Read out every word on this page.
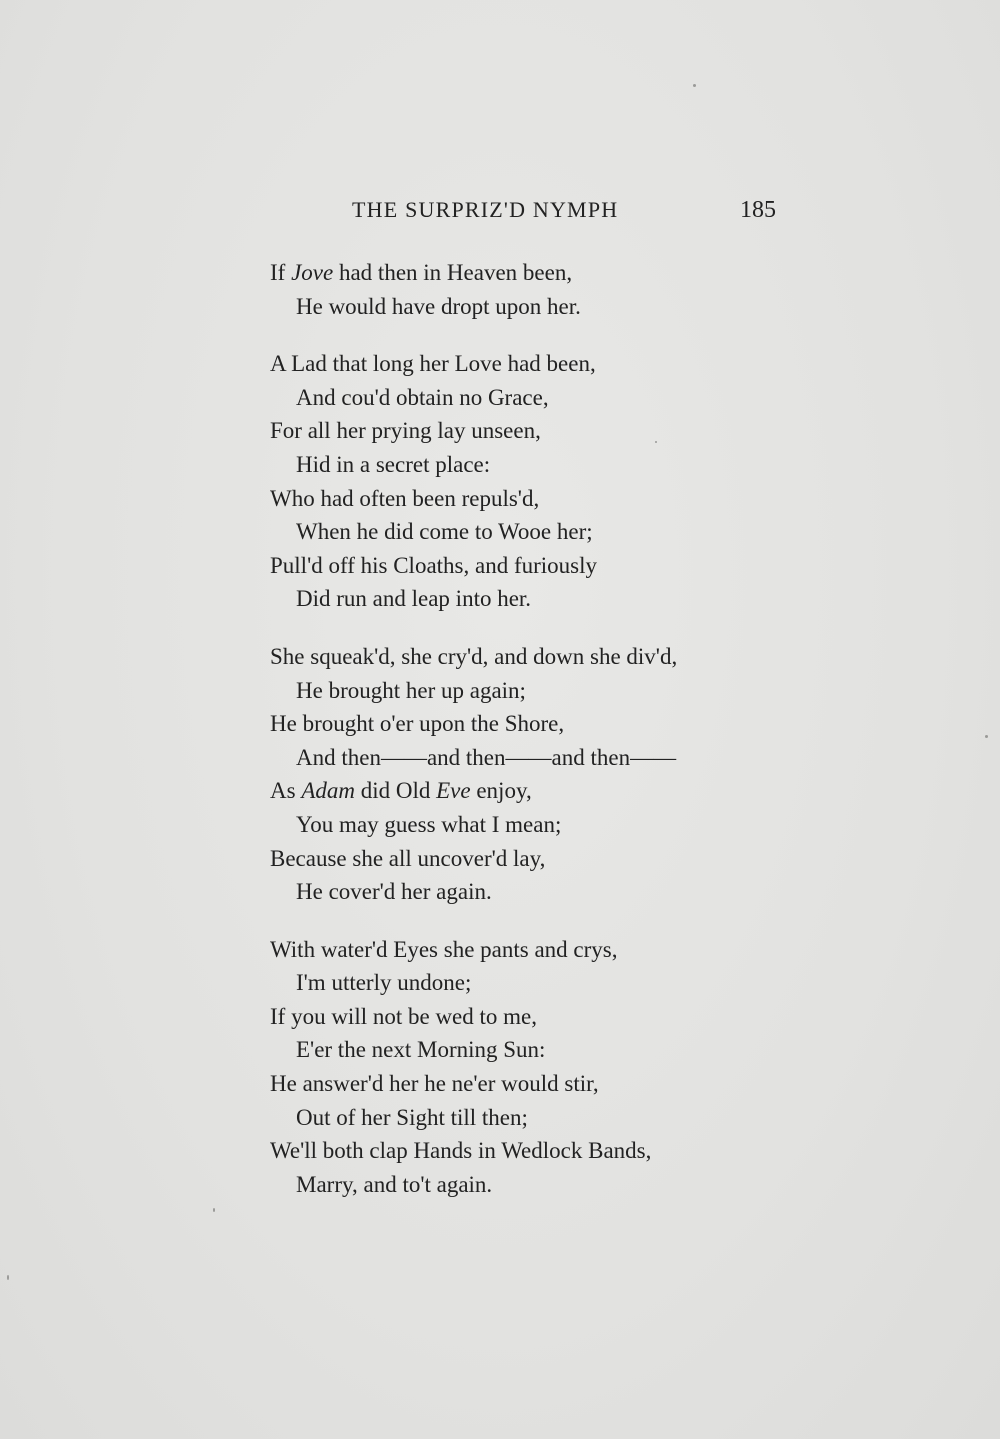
THE SURPRIZ'D NYMPH	185
If Jove had then in Heaven been,
He would have dropt upon her.
A Lad that long her Love had been,
And cou'd obtain no Grace,
For all her prying lay unseen,
Hid in a secret place:
Who had often been repuls'd,
When he did come to Wooe her;
Pull'd off his Cloaths, and furiously
Did run and leap into her.
She squeak'd, she cry'd, and down she div'd,
He brought her up again;
He brought o'er upon the Shore,
And then——and then——and then——
As Adam did Old Eve enjoy,
You may guess what I mean;
Because she all uncover'd lay,
He cover'd her again.
With water'd Eyes she pants and crys,
I'm utterly undone;
If you will not be wed to me,
E'er the next Morning Sun:
He answer'd her he ne'er would stir,
Out of her Sight till then;
We'll both clap Hands in Wedlock Bands,
Marry, and to't again.
